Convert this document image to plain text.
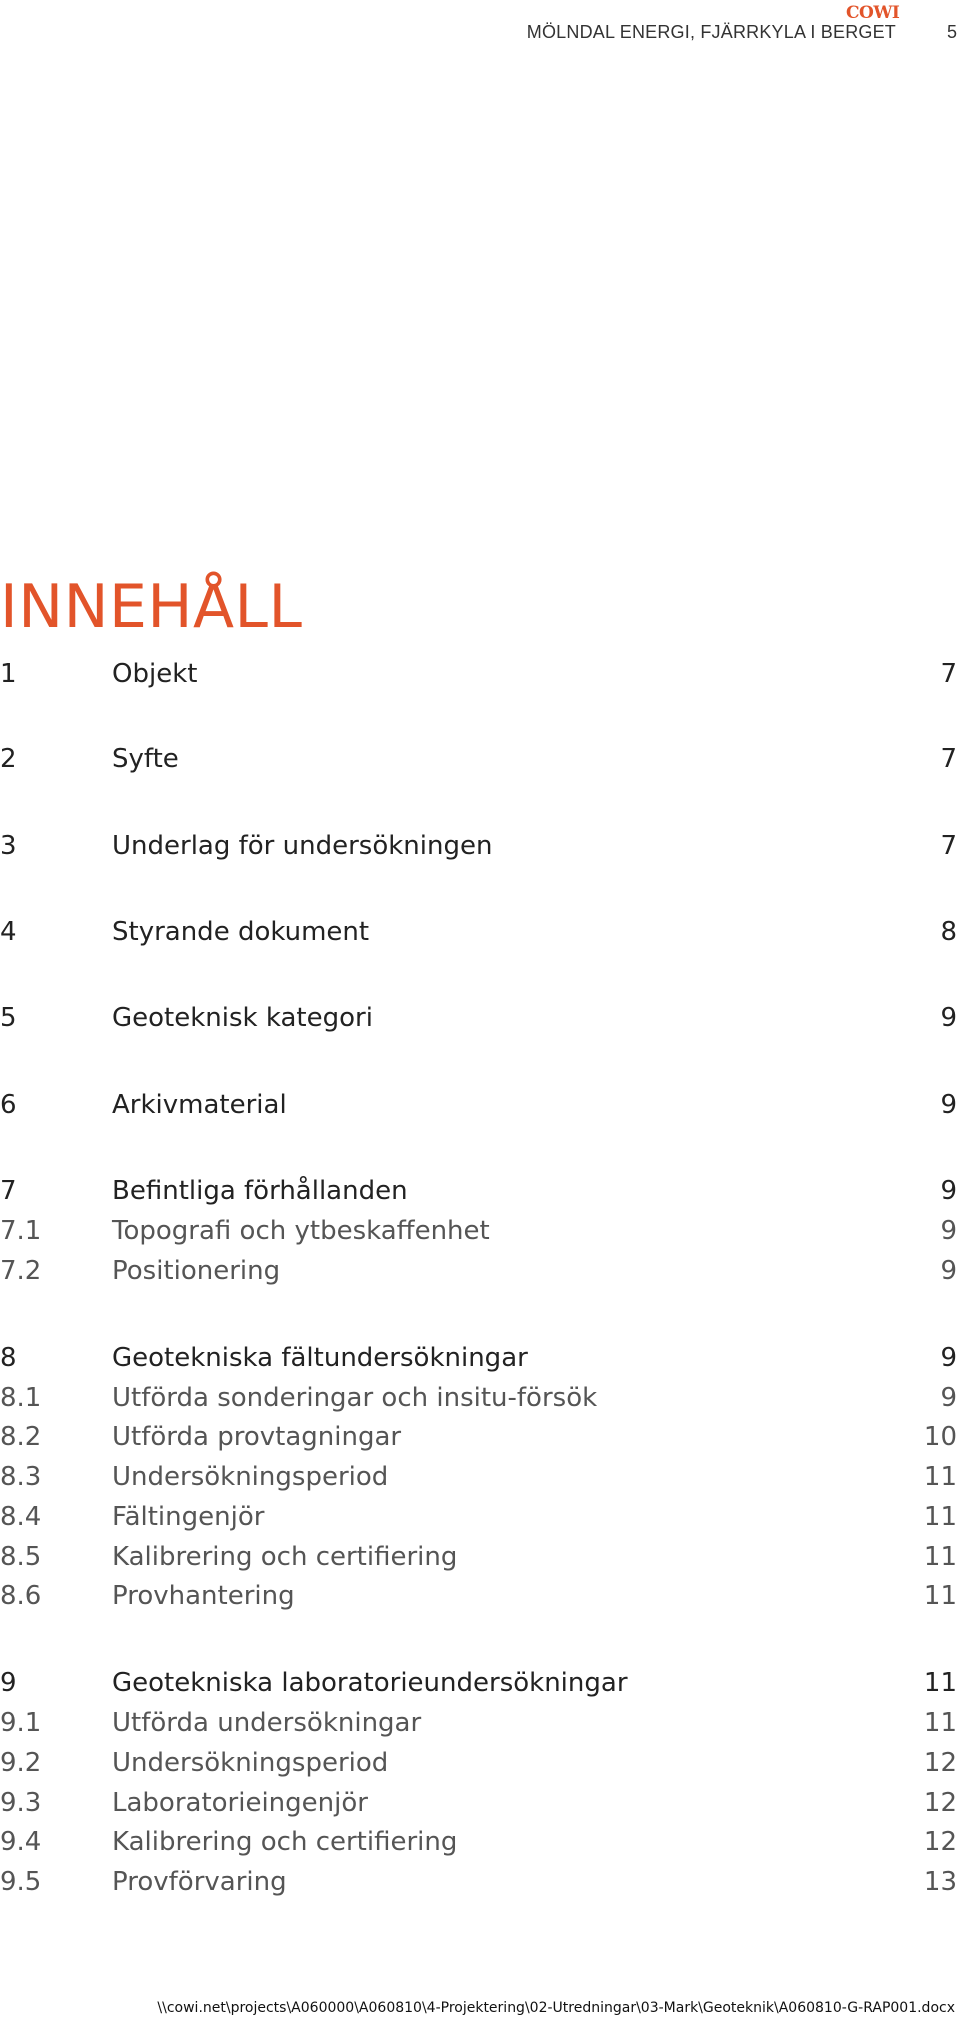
COWI
MÖLNDAL ENERGI, FJÄRRKYLA I BERGET	5
INNEHÅLL
1	Objekt	7
2	Syfte	7
3	Underlag för undersökningen	7
4	Styrande dokument	8
5	Geoteknisk kategori	9
6	Arkivmaterial	9
7	Befintliga förhållanden	9
7.1	Topografi och ytbeskaffenhet	9
7.2	Positionering	9
8	Geotekniska fältundersökningar	9
8.1	Utförda sonderingar och insitu-försök	9
8.2	Utförda provtagningar	10
8.3	Undersökningsperiod	11
8.4	Fältingenjör	11
8.5	Kalibrering och certifiering	11
8.6	Provhantering	11
9	Geotekniska laboratorieundersökningar	11
9.1	Utförda undersökningar	11
9.2	Undersökningsperiod	12
9.3	Laboratorieingenjör	12
9.4	Kalibrering och certifiering	12
9.5	Provförvaring	13
\\cowi.net\projects\A060000\A060810\4-Projektering\02-Utredningar\03-Mark\Geoteknik\A060810-G-RAP001.docx
